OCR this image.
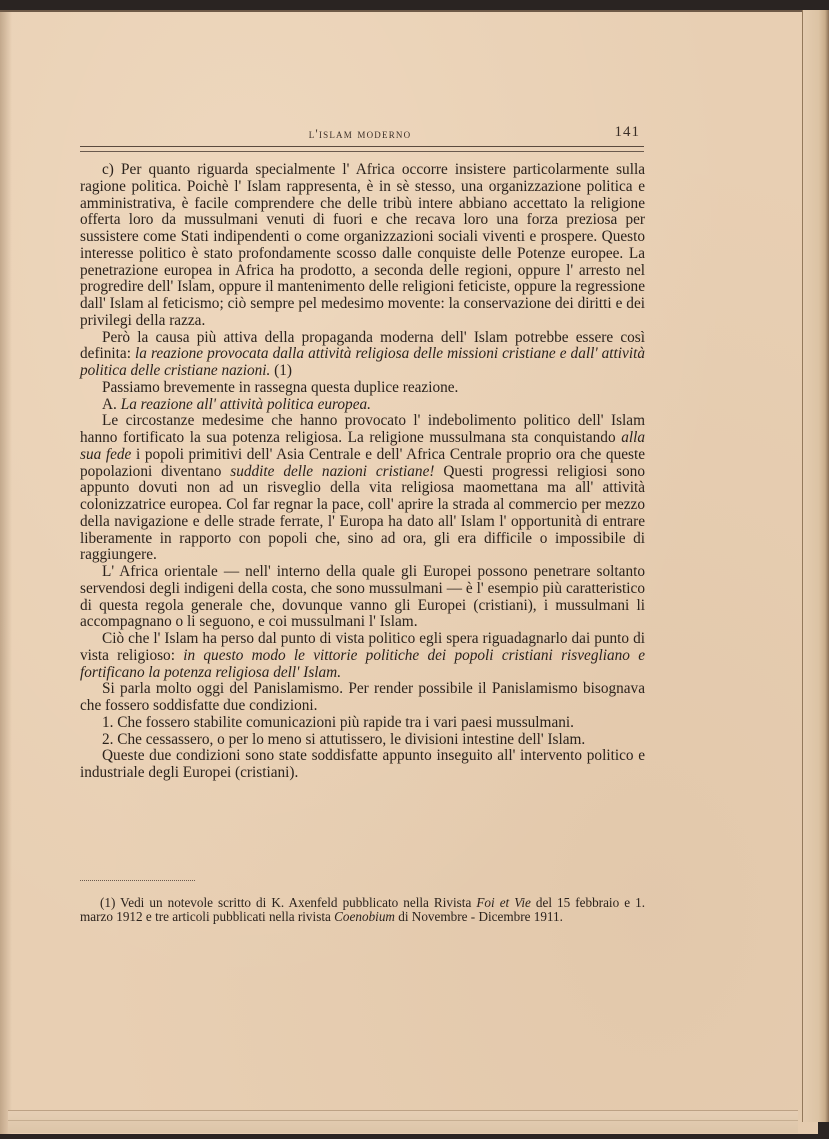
l'islam moderno	141

c) Per quanto riguarda specialmente l' Africa occorre insistere particolarmente sulla ragione politica. Poichè l' Islam rappresenta, è in sè stesso, una organizzazione politica e amministrativa, è facile comprendere che delle tribù intere abbiano accettato la religione offerta loro da mussulmani venuti di fuori e che recava loro una forza preziosa per sussistere come Stati indipendenti o come organizzazioni sociali viventi e prospere. Questo interesse politico è stato profondamente scosso dalle conquiste delle Potenze europee. La penetrazione europea in Africa ha prodotto, a seconda delle regioni, oppure l' arresto nel progredire dell' Islam, oppure il mantenimento delle religioni feticiste, oppure la regressione dall' Islam al feticismo; ciò sempre pel medesimo movente: la conservazione dei diritti e dei privilegi della razza.

Però la causa più attiva della propaganda moderna dell' Islam potrebbe essere così definita: la reazione provocata dalla attività religiosa delle missioni cristiane e dall' attività politica delle cristiane nazioni. (1)

Passiamo brevemente in rassegna questa duplice reazione.

A. La reazione all' attività politica europea.

Le circostanze medesime che hanno provocato l' indebolimento politico dell' Islam hanno fortificato la sua potenza religiosa. La religione mussulmana sta conquistando alla sua fede i popoli primitivi dell' Asia Centrale e dell' Africa Centrale proprio ora che queste popolazioni diventano suddite delle nazioni cristiane! Questi progressi religiosi sono appunto dovuti non ad un risveglio della vita religiosa maomettana ma all' attività colonizzatrice europea. Col far regnar la pace, coll' aprire la strada al commercio per mezzo della navigazione e delle strade ferrate, l' Europa ha dato all' Islam l' opportunità di entrare liberamente in rapporto con popoli che, sino ad ora, gli era difficile o impossibile di raggiungere.

L' Africa orientale — nell' interno della quale gli Europei possono penetrare soltanto servendosi degli indigeni della costa, che sono mussulmani — è l' esempio più caratteristico di questa regola generale che, dovunque vanno gli Europei (cristiani), i mussulmani li accompagnano o li seguono, e coi mussulmani l' Islam.

Ciò che l' Islam ha perso dal punto di vista politico egli spera riguadagnarlo dai punto di vista religioso: in questo modo le vittorie politiche dei popoli cristiani risvegliano e fortificano la potenza religiosa dell' Islam.

Si parla molto oggi del Panislamismo. Per render possibile il Panislamismo bisognava che fossero soddisfatte due condizioni.

1. Che fossero stabilite comunicazioni più rapide tra i vari paesi mussulmani.

2. Che cessassero, o per lo meno si attutissero, le divisioni intestine dell' Islam.

Queste due condizioni sono state soddisfatte appunto inseguito all' intervento politico e industriale degli Europei (cristiani).

(1) Vedi un notevole scritto di K. Axenfeld pubblicato nella Rivista Foi et Vie del 15 febbraio e 1. marzo 1912 e tre articoli pubblicati nella rivista Coenobium di Novembre - Dicembre 1911.
